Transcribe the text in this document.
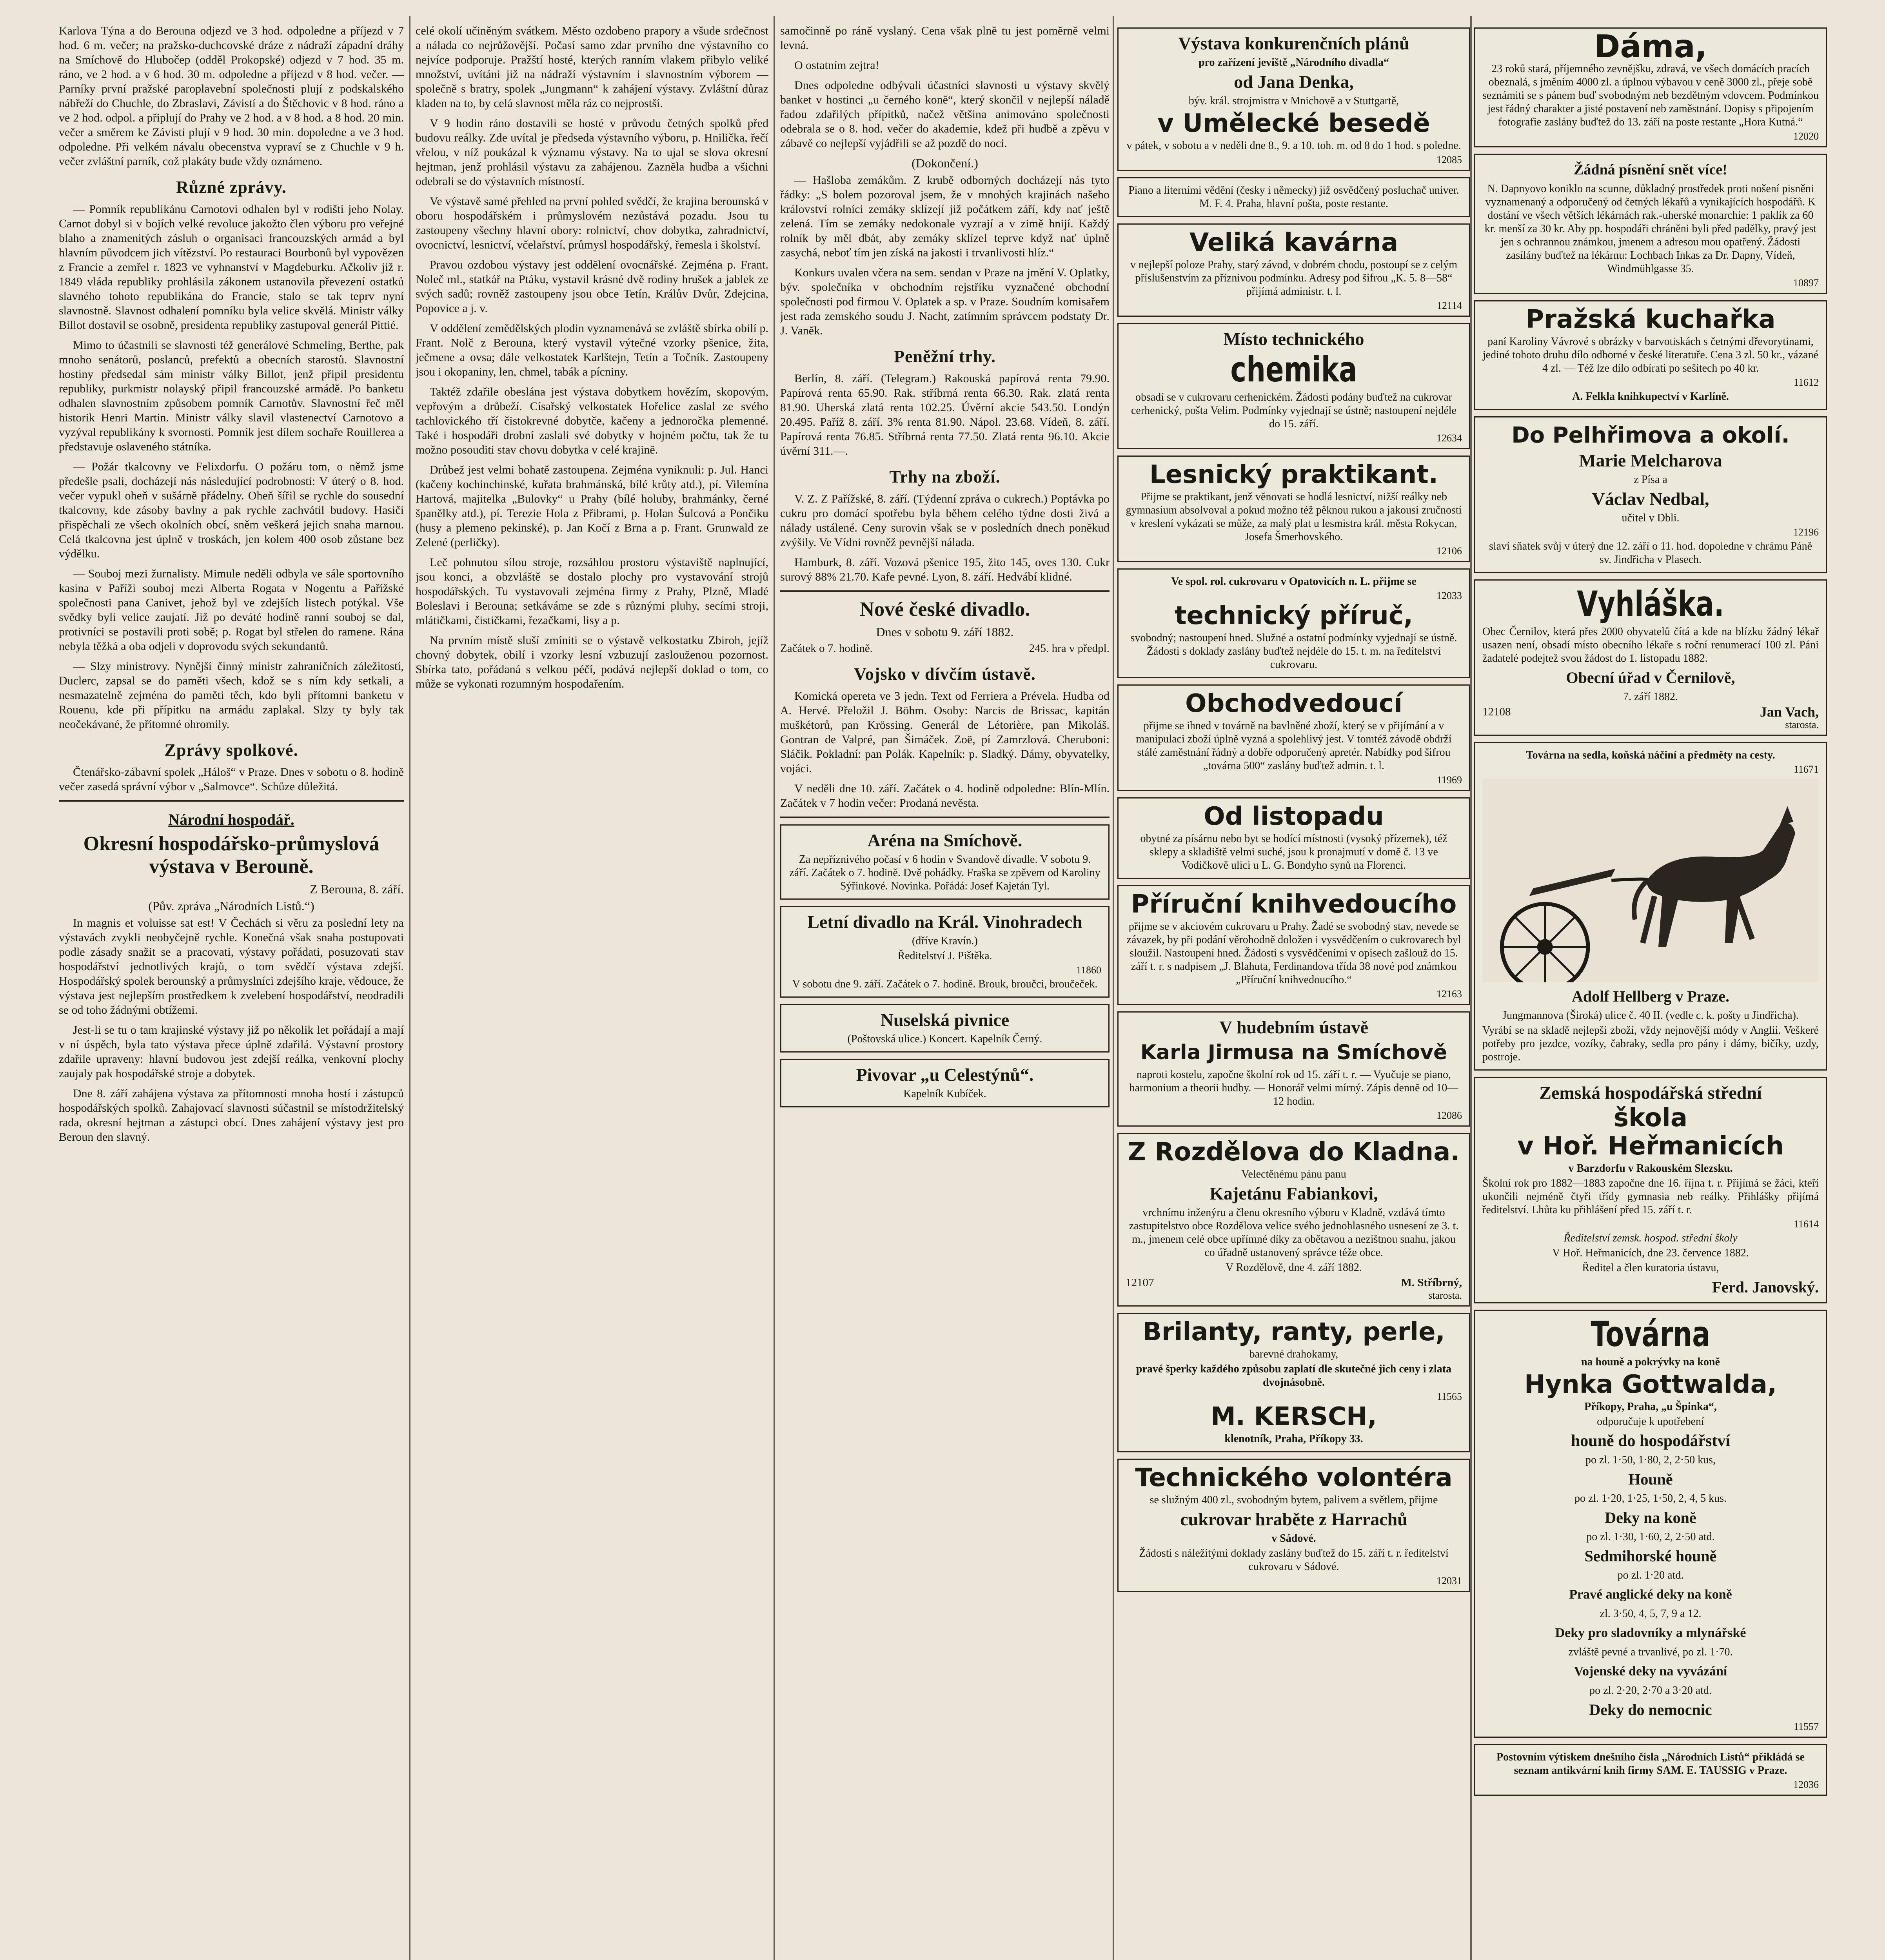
Karlova Týna a do Berouna odjezd ve 3 hod. odpoledne a příjezd v 7 hod. 6 m. večer; na pražsko-duchcovské dráze z nádraží západní dráhy na Smíchově do Hlubočep (odděl Prokopské) odjezd v 7 hod. 35 m. ráno, ve 2 hod. a v 6 hod. 30 m. odpoledne a příjezd v 8 hod. večer. — Parníky první pražské paroplavební společnosti plují z podskalského nábřeží do Chuchle, do Zbraslavi, Závistí a do Štěchovic v 8 hod. ráno a ve 2 hod. odpol. a připlují do Prahy ve 2 hod. a v 8 hod. a 8 hod. 20 min. večer a směrem ke Závisti plují v 9 hod. 30 min. dopoledne a ve 3 hod. odpoledne. Při velkém návalu obecenstva vypraví se z Chuchle v 9 h. večer zvláštní parník, což plakáty bude vždy oznámeno.

Různé zprávy.

— Pomník republikánu Carnotovi odhalen byl v rodišti jeho Nolay. Carnot dobyl si v bojích velké revoluce jakožto člen výboru pro veřejné blaho a znamenitých zásluh o organisaci francouzských armád a byl hlavním původcem jich vítězství. Po restauraci Bourbonů byl vypovězen z Francie a zemřel r. 1823 ve vyhnanství v Magdeburku. Ačkoliv již r. 1849 vláda republiky prohlásila zákonem ustanovila převezení ostatků slavného tohoto republikána do Francie, stalo se tak teprv nyní slavnostně. Slavnost odhalení pomníku byla velice skvělá. Ministr války Billot dostavil se osobně, presidenta republiky zastupoval generál Pittié.

Mimo to účastnili se slavnosti též generálové Schmeling, Berthe, pak mnoho senátorů, poslanců, prefektů a obecních starostů. Slavnostní hostiny předsedal sám ministr války Billot, jenž připil presidentu republiky, purkmistr nolayský připil francouzské armádě. Po banketu odhalen slavnostním způsobem pomník Carnotův. Slavnostní řeč měl historik Henri Martin. Ministr války slavil vlastenectví Carnotovo a vyzýval republikány k svornosti. Pomník jest dílem sochaře Rouillerea a představuje oslaveného státníka.

— Požár tkalcovny ve Felixdorfu. O požáru tom, o němž jsme předešle psali, docházejí nás následující podrobnosti: V úterý o 8. hod. večer vypukl oheň v sušárně přádelny. Oheň šířil se rychle do sousední tkalcovny, kde zásoby bavlny a pak rychle zachvátil budovy. Hasiči přispěchali ze všech okolních obcí, sněm veškerá jejich snaha marnou. Celá tkalcovna jest úplně v troskách, jen kolem 400 osob zůstane bez výdělku.

— Souboj mezi žurnalisty. Mimule neděli odbyla ve sále sportovního kasina v Paříži souboj mezi Alberta Rogata v Nogentu a Pařížské společnosti pana Canivet, jehož byl ve zdejších listech potýkal. Vše svědky byli velice zaujatí. Již po deváté hodině ranní souboj se dal, protivníci se postavili proti sobě; p. Rogat byl střelen do ramene. Rána nebyla těžká a oba odjeli v doprovodu svých sekundantů.

— Slzy ministrovy. Nynější činný ministr zahraničních záležitostí, Duclerc, zapsal se do paměti všech, kdož se s ním kdy setkali, a nesmazatelně zejména do paměti těch, kdo byli přítomni banketu v Rouenu, kde při přípitku na armádu zaplakal. Slzy ty byly tak neočekávané, že přítomné ohromily.

Zprávy spolkové.

Čtenářsko-zábavní spolek „Háloš“ v Praze. Dnes v sobotu o 8. hodině večer zasedá správní výbor v „Salmovce“. Schůze důležitá.

Národní hospodář.
Okresní hospodářsko-průmyslová výstava v Berouně.
Z Berouna, 8. září.
(Pův. zpráva „Národních Listů.“)

In magnis et voluisse sat est! V Čechách si věru za poslední lety na výstavách zvykli neobyčejně rychle. Konečná však snaha postupovati podle zásady snažit se a pracovati, výstavy pořádati, posuzovati stav hospodářství jednotlivých krajů, o tom svědčí výstava zdejší. Hospodářský spolek berounský a průmyslníci zdejšího kraje, vědouce, že výstava jest nejlepším prostředkem k zvelebení hospodářství, neodradili se od toho žádnými obtížemi.

Jest-li se tu o tam krajinské výstavy již po několik let pořádají a mají v ní úspěch, byla tato výstava přece úplně zdařilá. Výstavní prostory zdařile upraveny: hlavní budovou jest zdejší reálka, venkovní plochy zaujaly pak hospodářské stroje a dobytek.

Dne 8. září zahájena výstava za přítomnosti mnoha hostí i zástupců hospodářských spolků. Zahajovací slavnosti súčastnil se místodržitelský rada, okresní hejtman a zástupci obcí. Dnes zahájení výstavy jest pro Beroun den slavný.

celé okolí učiněným svátkem. Město ozdobeno prapory a všude srdečnost a nálada co nejrůžovější. Počasí samo zdar prvního dne výstavního co nejvíce podporuje. Pražští hosté, kterých ranním vlakem přibylo veliké množství, uvítáni již na nádraží výstavním i slavnostním výborem — společně s bratry, spolek „Jungmann“ k zahájení výstavy. Zvláštní důraz kladen na to, by celá slavnost měla ráz co nejprostší.

V 9 hodin ráno dostavili se hosté v průvodu četných spolků před budovu reálky. Zde uvítal je předseda výstavního výboru, p. Hnilička, řečí vřelou, v níž poukázal k významu výstavy. Na to ujal se slova okresní hejtman, jenž prohlásil výstavu za zahájenou. Zazněla hudba a všichni odebrali se do výstavních místností.

Ve výstavě samé přehled na první pohled svědčí, že krajina berounská v oboru hospodářském i průmyslovém nezůstává pozadu. Jsou tu zastoupeny všechny hlavní obory: rolnictví, chov dobytka, zahradnictví, ovocnictví, lesnictví, včelařství, průmysl hospodářský, řemesla i školství.

Pravou ozdobou výstavy jest oddělení ovocnářské. Zejména p. Frant. Noleč ml., statkář na Ptáku, vystavil krásné dvě rodiny hrušek a jablek ze svých sadů; rovněž zastoupeny jsou obce Tetín, Králův Dvůr, Zdejcina, Popovice a j. v.

V oddělení zemědělských plodin vyznamenává se zvláště sbírka obilí p. Frant. Nolč z Berouna, který vystavil výtečné vzorky pšenice, žita, ječmene a ovsa; dále velkostatek Karlštejn, Tetín a Točník. Zastoupeny jsou i okopaniny, len, chmel, tabák a pícniny.

Taktéž zdařile obeslána jest výstava dobytkem hovězím, skopovým, vepřovým a drůbeží. Císařský velkostatek Hořelice zaslal ze svého tachlovického tří čistokrevné dobytče, kačeny a jednoročka plemenné. Také i hospodáři drobní zaslali své dobytky v hojném počtu, tak že tu možno posouditi stav chovu dobytka v celé krajině.

Drůbež jest velmi bohatě zastoupena. Zejména vyniknuli: p. Jul. Hanci (kačeny kochinchinské, kuřata brahmánská, bílé krůty atd.), pí. Vilemína Hartová, majitelka „Bulovky“ u Prahy (bílé holuby, brahmánky, černé španělky atd.), pí. Terezie Hola z Přibrami, p. Holan Šulcová a Pončiku (husy a plemeno pekinské), p. Jan Kočí z Brna a p. Frant. Grunwald ze Zelené (perličky).

Leč pohnutou sílou stroje, rozsáhlou prostoru výstaviště naplnující, jsou konci, a obzvláště se dostalo plochy pro vystavování strojů hospodářských. Tu vystavovali zejména firmy z Prahy, Plzně, Mladé Boleslavi i Berouna; setkáváme se zde s různými pluhy, secími stroji, mlátičkami, čističkami, řezačkami, lisy a p.

Na prvním místě sluší zmíniti se o výstavě velkostatku Zbiroh, jejíž chovný dobytek, obilí i vzorky lesní vzbuzují zaslouženou pozornost. Sbírka tato, pořádaná s velkou péčí, podává nejlepší doklad o tom, co může se vykonati rozumným hospodařením.

samočinně po ráně vyslaný. Cena však plně tu jest poměrně velmi levná.

O ostatním zejtra!

Dnes odpoledne odbývali účastníci slavnosti u výstavy skvělý banket v hostinci „u černého koně“, který skončil v nejlepší náladě řadou zdařilých přípitků, načež většina animováno společnosti odebrala se o 8. hod. večer do akademie, kdež při hudbě a zpěvu v zábavě co nejlepší vyjádřili se až pozdě do noci.

(Dokončení.)

— Hašloba zemákům. Z krubě odborných docházejí nás tyto řádky: „S bolem pozoroval jsem, že v mnohých krajinách našeho království rolníci zemáky sklízejí již počátkem září, kdy nať ještě zelená. Tím se zemáky nedokonale vyzrají a v zimě hnijí. Každý rolník by měl dbát, aby zemáky sklízel teprve když nať úplně zasychá, neboť tím jen získá na jakosti i trvanlivosti hlíz.“

Konkurs uvalen včera na sem. sendan v Praze na jmění V. Oplatky, býv. společníka v obchodním rejstříku vyznačené obchodní společnosti pod firmou V. Oplatek a sp. v Praze. Soudním komisařem jest rada zemského soudu J. Nacht, zatímním správcem podstaty Dr. J. Vaněk.

Peněžní trhy.

Berlín, 8. září. (Telegram.) Rakouská papírová renta 79.90. Papírová renta 65.90. Rak. stříbrná renta 66.30. Rak. zlatá renta 81.90. Uherská zlatá renta 102.25. Úvěrní akcie 543.50. Londýn 20.495. Paříž 8. září. 3% renta 81.90. Nápol. 23.68. Vídeň, 8. září. Papírová renta 76.85. Stříbrná renta 77.50. Zlatá renta 96.10. Akcie úvěrní 311.—.

Trhy na zboží.

V. Z. Z Pařížské, 8. září. (Týdenní zpráva o cukrech.) Poptávka po cukru pro domácí spotřebu byla během celého týdne dosti živá a nálady ustálené. Ceny surovin však se v posledních dnech poněkud zvýšily. Ve Vídni rovněž pevnější nálada.

Hamburk, 8. září. Vozová pšenice 195, žito 145, oves 130. Cukr surový 88% 21.70. Kafe pevné. Lyon, 8. září. Hedvábí klidné.

Nové české divadlo.
Dnes v sobotu 9. září 1882.
Začátek o 7. hodině.	245. hra v předpl.
Vojsko v dívčím ústavě.

Komická opereta ve 3 jedn. Text od Ferriera a Prévela. Hudba od A. Hervé. Přeložil J. Böhm. Osoby: Narcis de Brissac, kapitán muškétorů, pan Krössing. Generál de Létorière, pan Mikoláš. Gontran de Valpré, pan Šimáček. Zoë, pí Zamrzlová. Cheruboni: Sláčik. Pokladní: pan Polák. Kapelník: p. Sladký. Dámy, obyvatelky, vojáci.

V neděli dne 10. září. Začátek o 4. hodině odpoledne: Blín-Mlín. Začátek v 7 hodin večer: Prodaná nevěsta.

Aréna na Smíchově.

Za nepříznivého počasí v 6 hodin v Svandově divadle. V sobotu 9. září. Začátek o 7. hodině. Dvě pohádky. Fraška se zpěvem od Karoliny Sýřinkové. Novinka. Pořádá: Josef Kajetán Tyl.

Letní divadlo na Král. Vinohradech

(dříve Kravín.)

Ředitelství J. Pištěka.

11860

V sobotu dne 9. září. Začátek o 7. hodině. Brouk, broučci, broučeček.

Nuselská pivnice

(Poštovská ulice.) Koncert. Kapelník Černý.

Pivovar „u Celestýnů“.

Kapelník Kubíček.

Výstava konkurenčních plánů

pro zařízení jeviště „Národního divadla“

od Jana Denka,

býv. král. strojmistra v Mnichově a v Stuttgartě,

v Umělecké besedě

v pátek, v sobotu a v neděli dne 8., 9. a 10. toh. m. od 8 do 1 hod. s poledne.

12085

Piano a literními vědění (česky i německy) již osvědčený posluchač univer. M. F. 4. Praha, hlavní pošta, poste restante.

Veliká kavárna

v nejlepší poloze Prahy, starý závod, v dobrém chodu, postoupí se z celým příslušenstvím za příznivou podmínku. Adresy pod šifrou „K. 5. 8—58“ přijímá administr. t. l.

12114
Místo technického
chemika

obsadí se v cukrovaru cerhenickém. Žádosti podány buďtež na cukrovar cerhenický, pošta Velim. Podmínky vyjednají se ústně; nastoupení nejdéle do 15. září.

12634
Lesnický praktikant.

Přijme se praktikant, jenž věnovati se hodlá lesnictví, nižší reálky neb gymnasium absolvoval a pokud možno též pěknou rukou a jakousi zručností v kreslení vykázati se může, za malý plat u lesmistra král. města Rokycan, Josefa Šmerhovského.

12106

Ve spol. rol. cukrovaru v Opatovicích n. L. přijme se

12033
technický příruč,

svobodný; nastoupení hned. Služné a ostatní podmínky vyjednají se ústně. Žádosti s doklady zaslány buďtež nejdéle do 15. t. m. na ředitelství cukrovaru.

Obchodvedoucí

přijme se ihned v továrně na bavlněné zboží, který se v přijímání a v manipulaci zboží úplně vyzná a spolehlivý jest. V tomtéž závodě obdrží stálé zaměstnání řádný a dobře odporučený apretér. Nabídky pod šifrou „továrna 500“ zaslány buďtež admin. t. l.

11969
Od listopadu

obytné za písárnu nebo byt se hodící místnosti (vysoký přízemek), též sklepy a skladiště velmi suché, jsou k pronajmutí v domě č. 13 ve Vodičkově ulici u L. G. Bondyho synů na Florenci.

Příruční knihvedoucího

přijme se v akciovém cukrovaru u Prahy. Žadé se svobodný stav, nevede se závazek, by při podání věrohodně doložen i vysvědčením o cukrovarech byl sloužil. Nastoupení hned. Žádosti s vysvědčeními v opisech zašlouž do 15. září t. r. s nadpisem „J. Blahuta, Ferdinandova třída 38 nové pod známkou „Příruční knihvedoucího.“

12163
V hudebním ústavě
Karla Jirmusa na Smíchově

naproti kostelu, započne školní rok od 15. září t. r. — Vyučuje se piano, harmonium a theorii hudby. — Honorář velmi mírný. Zápis denně od 10—12 hodin.

12086
Z Rozdělova do Kladna.

Velectěnému pánu panu

Kajetánu Fabiankovi,

vrchnímu inženýru a členu okresního výboru v Kladně, vzdává tímto zastupitelstvo obce Rozdělova velice svého jednohlasného usnesení ze 3. t. m., jmenem celé obce upřímné díky za obětavou a nezištnou snahu, jakou co úřadně ustanovený správce téže obce.

V Rozdělově, dne 4. září 1882.

12107	M. Stříbrný,
starosta.
Brilanty, ranty, perle,

barevné drahokamy,

pravé šperky každého způsobu zaplatí dle skutečné jich ceny i zlata dvojnásobně.

11565
M. KERSCH,

klenotník, Praha, Příkopy 33.

Technického volontéra

se služným 400 zl., svobodným bytem, palivem a světlem, přijme

cukrovar hraběte z Harrachů

v Sádové.

Žádosti s náležitými doklady zaslány buďtež do 15. září t. r. ředitelství cukrovaru v Sádové.

12031
Dáma,

23 roků stará, příjemného zevnějšku, zdravá, ve všech domácích pracích obeznalá, s jměním 4000 zl. a úplnou výbavou v ceně 3000 zl., přeje sobě seznámiti se s pánem buď svobodným neb bezdětným vdovcem. Podmínkou jest řádný charakter a jisté postavení neb zaměstnání. Dopisy s připojením fotografie zaslány buďtež do 13. září na poste restante „Hora Kutná.“

12020
Žádná písnění snět více!

N. Dapnyovo koniklo na scunne, důkladný prostředek proti nošení pisněni vyznamenaný a odporučený od četných lékařů a vynikajících hospodářů. K dostání ve všech větších lékárnách rak.-uherské monarchie: 1 paklík za 60 kr. menší za 30 kr. Aby pp. hospodáři chráněni byli před padělky, pravý jest jen s ochrannou známkou, jmenem a adresou mou opatřený. Žádosti zasílány buďtež na lékárnu: Lochbach Inkas za Dr. Dapny, Vídeň, Windmühlgasse 35.

10897
Pražská kuchařka

paní Karoliny Vávrové s obrázky v barvotiskách s četnými dřevorytinami, jediné tohoto druhu dílo odborné v české literatuře. Cena 3 zl. 50 kr., vázané 4 zl. — Též lze dílo odbírati po sešitech po 40 kr.

11612

A. Felkla knihkupectví v Karlíně.

Do Pelhřimova a okolí.
Marie Melcharova

z Písa a

Václav Nedbal,

učitel v Dbli.

12196

slaví sňatek svůj v úterý dne 12. září o 11. hod. dopoledne v chrámu Páně sv. Jindřicha v Plasech.

Vyhláška.

Obec Černilov, která přes 2000 obyvatelů čítá a kde na blízku žádný lékař usazen není, obsadí místo obecního lékaře s roční renumerací 100 zl. Páni žadatelé podejtež svou žádost do 1. listopadu 1882.

Obecní úřad v Černilově,

7. září 1882.

12108	Jan Vach,
starosta.

Továrna na sedla, koňská náčiní a předměty na cesty.

11671
Adolf Hellberg v Praze.

Jungmannova (Široká) ulice č. 40 II. (vedle c. k. pošty u Jindřicha).

Vyrábí se na skladě nejlepší zboží, vždy nejnovější módy v Anglii. Veškeré potřeby pro jezdce, vozíky, čabraky, sedla pro pány i dámy, bičíky, uzdy, postroje.

Zemská hospodářská střední
škola
v Hoř. Heřmanicích

v Barzdorfu v Rakouském Slezsku.

Školní rok pro 1882—1883 započne dne 16. října t. r. Přijímá se žáci, kteří ukončili nejméně čtyři třídy gymnasia neb reálky. Přihlášky přijímá ředitelství. Lhůta ku přihlášení před 15. září t. r.

11614

Ředitelství zemsk. hospod. střední školy

V Hoř. Heřmanicích, dne 23. července 1882.

Ředitel a člen kuratoria ústavu,

Ferd. Janovský.
Továrna

na houně a pokrývky na koně

Hynka Gottwalda,

Příkopy, Praha, „u Špinka“,

odporučuje k upotřebení

houně do hospodářství

po zl. 1·50, 1·80, 2, 2·50 kus,

Houně

po zl. 1·20, 1·25, 1·50, 2, 4, 5 kus.

Deky na koně

po zl. 1·30, 1·60, 2, 2·50 atd.

Sedmihorské houně

po zl. 1·20 atd.

Pravé anglické deky na koně

zl. 3·50, 4, 5, 7, 9 a 12.

Deky pro sladovníky a mlynářské

zvláště pevné a trvanlivé, po zl. 1·70.

Vojenské deky na vyvázání

po zl. 2·20, 2·70 a 3·20 atd.

Deky do nemocnic
11557

Postovním výtiskem dnešního čísla „Národních Listů“ přikládá se seznam antikvární knih firmy SAM. E. TAUSSIG v Praze.

12036
